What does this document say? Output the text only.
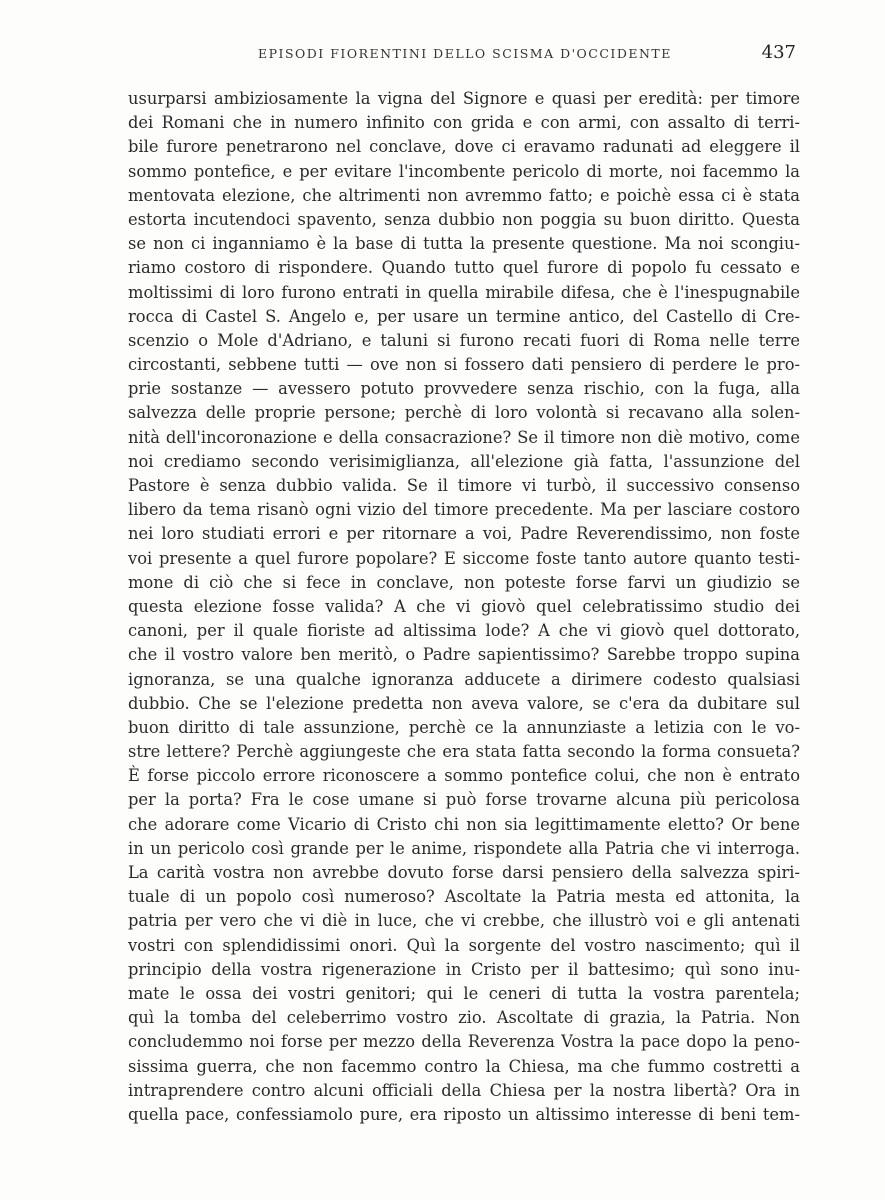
EPISODI FIORENTINI DELLO SCISMA D'OCCIDENTE	437
usurparsi ambiziosamente la vigna del Signore e quasi per eredità: per timore
dei Romani che in numero infinito con grida e con armi, con assalto di terri-
bile furore penetrarono nel conclave, dove ci eravamo radunati ad eleggere il
sommo pontefice, e per evitare l'incombente pericolo di morte, noi facemmo la
mentovata elezione, che altrimenti non avremmo fatto; e poichè essa ci è stata
estorta incutendoci spavento, senza dubbio non poggia su buon diritto. Questa
se non ci inganniamo è la base di tutta la presente questione. Ma noi scongiu-
riamo costoro di rispondere. Quando tutto quel furore di popolo fu cessato e
moltissimi di loro furono entrati in quella mirabile difesa, che è l'inespugnabile
rocca di Castel S. Angelo e, per usare un termine antico, del Castello di Cre-
scenzio o Mole d'Adriano, e taluni si furono recati fuori di Roma nelle terre
circostanti, sebbene tutti — ove non si fossero dati pensiero di perdere le pro-
prie sostanze — avessero potuto provvedere senza rischio, con la fuga, alla
salvezza delle proprie persone; perchè di loro volontà si recavano alla solen-
nità dell'incoronazione e della consacrazione? Se il timore non diè motivo, come
noi crediamo secondo verisimiglianza, all'elezione già fatta, l'assunzione del
Pastore è senza dubbio valida. Se il timore vi turbò, il successivo consenso
libero da tema risanò ogni vizio del timore precedente. Ma per lasciare costoro
nei loro studiati errori e per ritornare a voi, Padre Reverendissimo, non foste
voi presente a quel furore popolare? E siccome foste tanto autore quanto testi-
mone di ciò che si fece in conclave, non poteste forse farvi un giudizio se
questa elezione fosse valida? A che vi giovò quel celebratissimo studio dei
canoni, per il quale fioriste ad altissima lode? A che vi giovò quel dottorato,
che il vostro valore ben meritò, o Padre sapientissimo? Sarebbe troppo supina
ignoranza, se una qualche ignoranza adducete a dirimere codesto qualsiasi
dubbio. Che se l'elezione predetta non aveva valore, se c'era da dubitare sul
buon diritto di tale assunzione, perchè ce la annunziaste a letizia con le vo-
stre lettere? Perchè aggiungeste che era stata fatta secondo la forma consueta?
È forse piccolo errore riconoscere a sommo pontefice colui, che non è entrato
per la porta? Fra le cose umane si può forse trovarne alcuna più pericolosa
che adorare come Vicario di Cristo chi non sia legittimamente eletto? Or bene
in un pericolo così grande per le anime, rispondete alla Patria che vi interroga.
La carità vostra non avrebbe dovuto forse darsi pensiero della salvezza spiri-
tuale di un popolo così numeroso? Ascoltate la Patria mesta ed attonita, la
patria per vero che vi diè in luce, che vi crebbe, che illustrò voi e gli antenati
vostri con splendidissimi onori. Quì la sorgente del vostro nascimento; quì il
principio della vostra rigenerazione in Cristo per il battesimo; quì sono inu-
mate le ossa dei vostri genitori; qui le ceneri di tutta la vostra parentela;
quì la tomba del celeberrimo vostro zio. Ascoltate di grazia, la Patria. Non
concludemmo noi forse per mezzo della Reverenza Vostra la pace dopo la peno-
sissima guerra, che non facemmo contro la Chiesa, ma che fummo costretti a
intraprendere contro alcuni officiali della Chiesa per la nostra libertà? Ora in
quella pace, confessiamolo pure, era riposto un altissimo interesse di beni tem-
